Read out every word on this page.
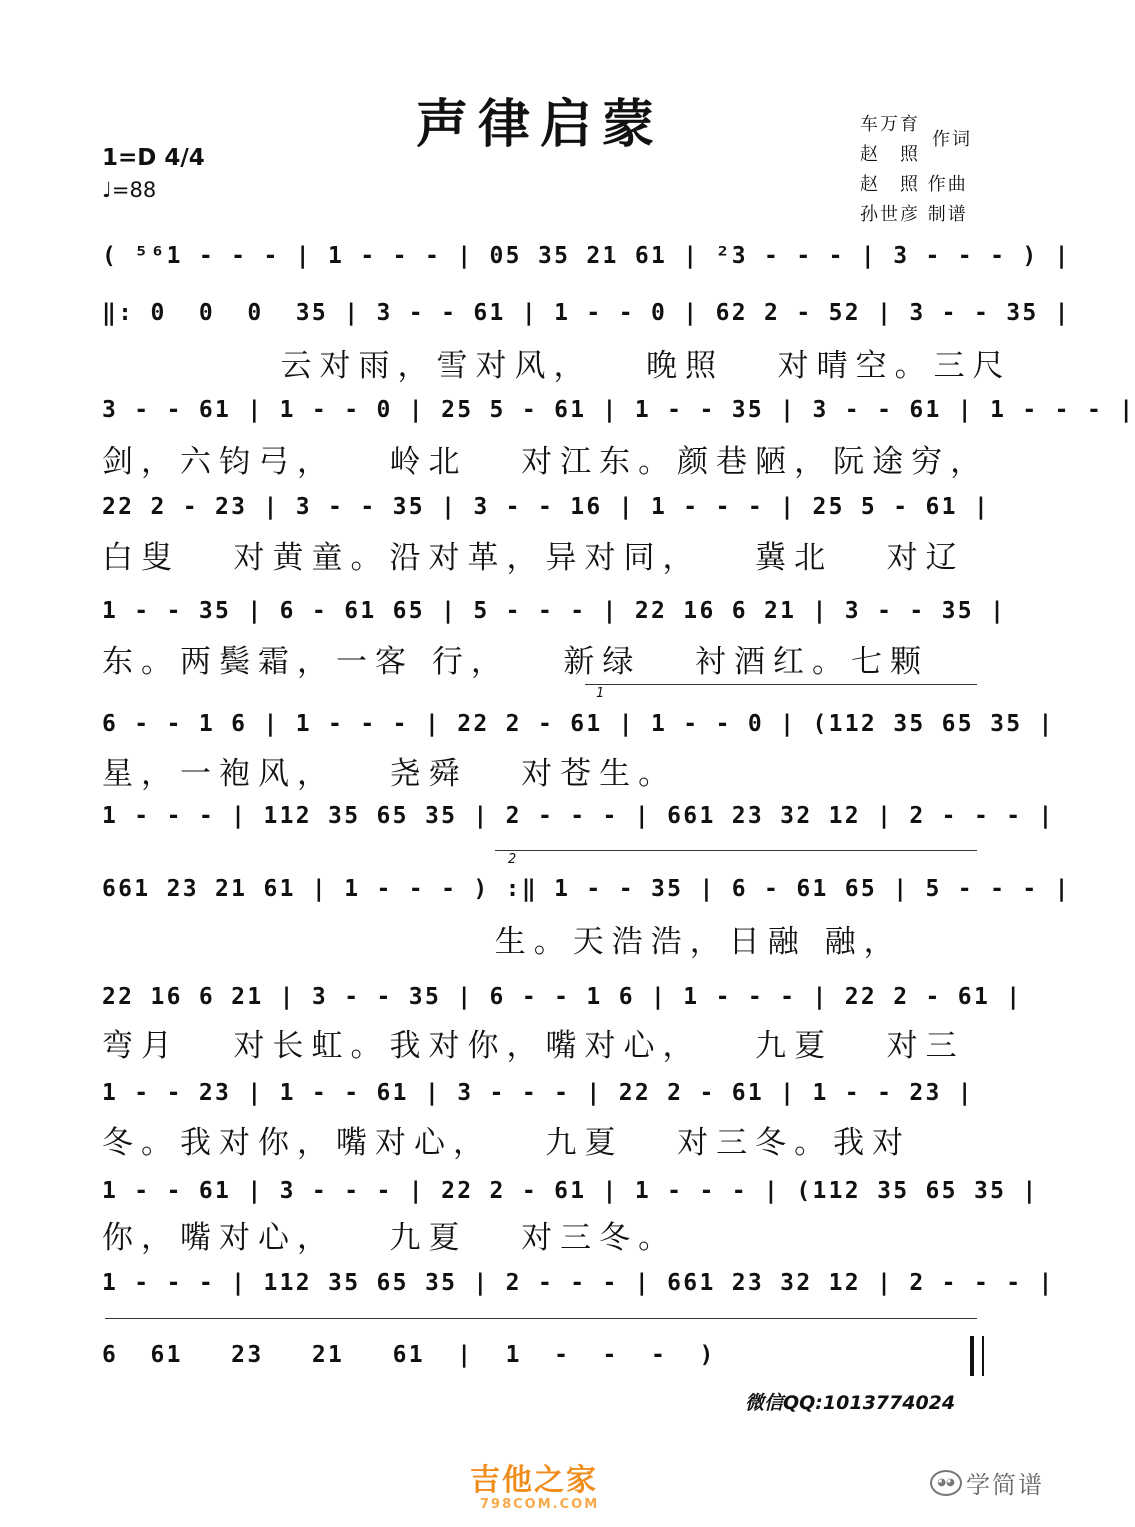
声律启蒙	车万育
赵　照
作词
赵　照 作曲
孙世彦 制谱
1=D 4/4
♩=88
( ⁵⁶1 - - - | 1 - - - | 05 35 21 61 | ²3 - - - | 3 - - - ) |
‖: 0  0  0  35 | 3 - - 61 | 1 - - 0 | 62 2 - 52 | 3 - - 35 |
云对雨，雪对风，   晚照   对晴空。三尺
3 - - 61 | 1 - - 0 | 25 5 - 61 | 1 - - 35 | 3 - - 61 | 1 - - - |
剑，六钧弓，   岭北   对江东。颜巷陋，阮途穷，
22 2 - 23 | 3 - - 35 | 3 - - 16 | 1 - - - | 25 5 - 61 |
白叟   对黄童。沿对革，异对同，   冀北   对辽
1 - - 35 | 6 - 61 65 | 5 - - - | 22 16 6 21 | 3 - - 35 |
东。两鬓霜，一客 行，   新绿   衬酒红。七颗
1
6 - - 1 6 | 1 - - - | 22 2 - 61 | 1 - - 0 | (112 35 65 35 |
星，一袍风，   尧舜   对苍生。
1 - - - | 112 35 65 35 | 2 - - - | 661 23 32 12 | 2 - - - |
2
661 23 21 61 | 1 - - - ) :‖ 1 - - 35 | 6 - 61 65 | 5 - - - |
生。天浩浩，日融 融，
22 16 6 21 | 3 - - 35 | 6 - - 1 6 | 1 - - - | 22 2 - 61 |
弯月   对长虹。我对你，嘴对心，   九夏   对三
1 - - 23 | 1 - - 61 | 3 - - - | 22 2 - 61 | 1 - - 23 |
冬。我对你，嘴对心，   九夏   对三冬。我对
1 - - 61 | 3 - - - | 22 2 - 61 | 1 - - - | (112 35 65 35 |
你，嘴对心，   九夏   对三冬。
1 - - - | 112 35 65 35 | 2 - - - | 661 23 32 12 | 2 - - - |
6  61   23   21   61  |  1  -  -  -  )
微信QQ:1013774024
吉他之家
798COM.COM
◕◕ 学简谱
